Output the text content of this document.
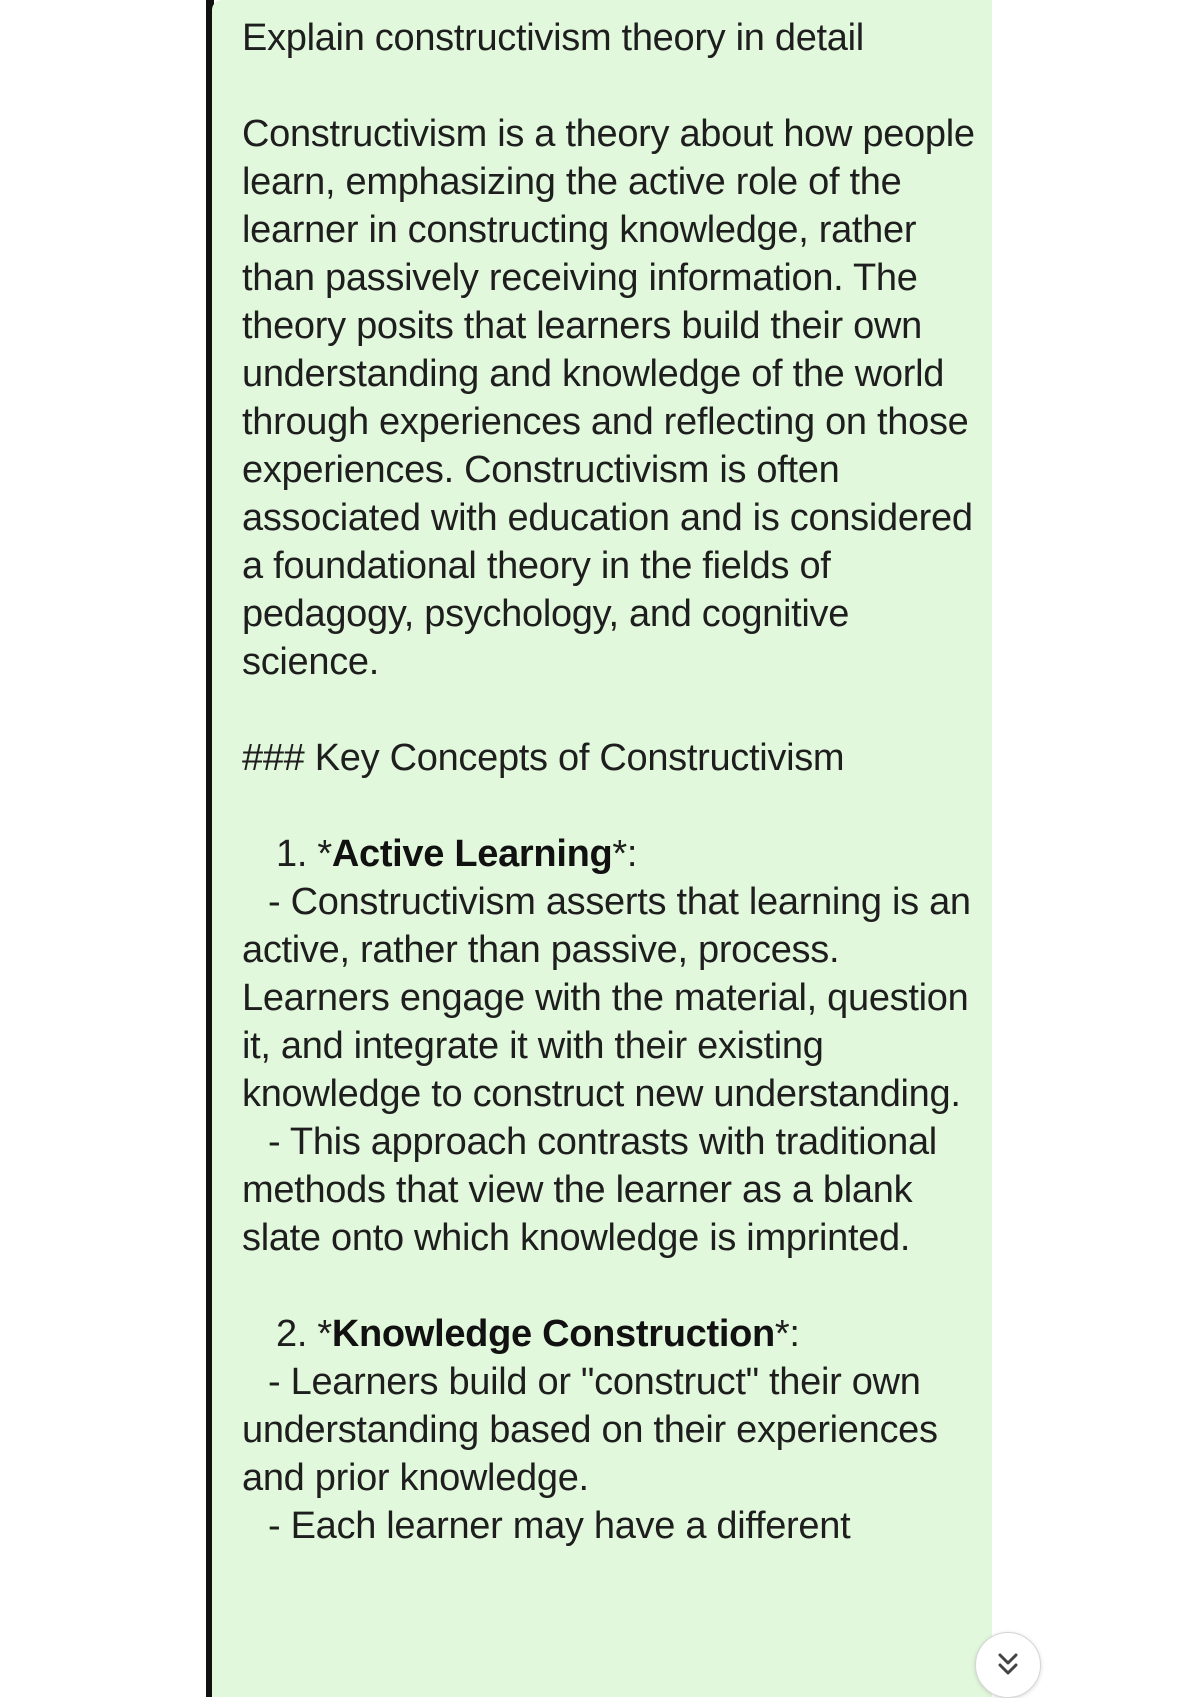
Explain constructivism theory in detail

Constructivism is a theory about how people learn, emphasizing the active role of the learner in constructing knowledge, rather than passively receiving information. The theory posits that learners build their own understanding and knowledge of the world through experiences and reflecting on those experiences. Constructivism is often associated with education and is considered a foundational theory in the fields of pedagogy, psychology, and cognitive science.

### Key Concepts of Constructivism

1. *Active Learning*:

- Constructivism asserts that learning is an active, rather than passive, process. Learners engage with the material, question it, and integrate it with their existing knowledge to construct new understanding.

- This approach contrasts with traditional methods that view the learner as a blank slate onto which knowledge is imprinted.

2. *Knowledge Construction*:

- Learners build or "construct" their own understanding based on their experiences and prior knowledge.

- Each learner may have a different
